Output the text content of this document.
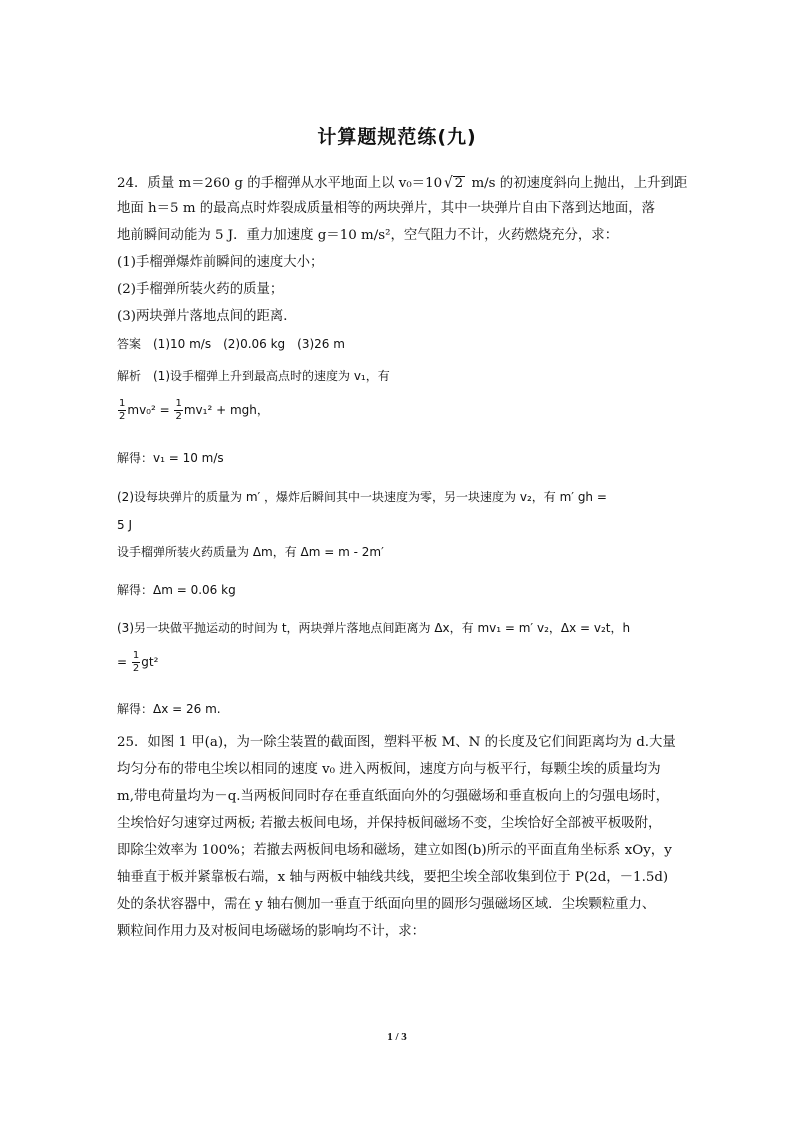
计算题规范练(九)
24．质量 m＝260 g 的手榴弹从水平地面上以 v₀＝10 √ 2 m/s 的初速度斜向上抛出，上升到距
地面 h＝5 m 的最高点时炸裂成质量相等的两块弹片，其中一块弹片自由下落到达地面，落
地前瞬间动能为 5 J．重力加速度 g＝10 m/s²，空气阻力不计，火药燃烧充分，求：
(1)手榴弹爆炸前瞬间的速度大小；
(2)手榴弹所装火药的质量；
(3)两块弹片落地点间的距离．
答案　(1)10 m/s　(2)0.06 kg　(3)26 m
解析　(1)设手榴弹上升到最高点时的速度为 v₁，有
$\frac{1}{2} mv_0^2 = \frac{1}{2} mv_1^2$ + mgh，
解得：v₁ = 10 m/s
(2)设每块弹片的质量为 m′ ，爆炸后瞬间其中一块速度为零，另一块速度为 v₂，有 m′ gh =
5 J
设手榴弹所装火药质量为 Δm，有 Δm = m - 2m′
解得：Δm = 0.06 kg
(3)另一块做平抛运动的时间为 t，两块弹片落地点间距离为 Δx，有 mv₁ = m′ v₂，Δx = v₂t，h
= $\frac{1}{2} gt^2$
解得：Δx = 26 m.
25．如图 1 甲(a)，为一除尘装置的截面图，塑料平板 M、N 的长度及它们间距离均为 d.大量
均匀分布的带电尘埃以相同的速度 v₀ 进入两板间，速度方向与板平行，每颗尘埃的质量均为
m,带电荷量均为－q.当两板间同时存在垂直纸面向外的匀强磁场和垂直板向上的匀强电场时，
尘埃恰好匀速穿过两板; 若撤去板间电场，并保持板间磁场不变，尘埃恰好全部被平板吸附，
即除尘效率为 100%；若撤去两板间电场和磁场，建立如图(b)所示的平面直角坐标系 xOy，y
轴垂直于板并紧靠板右端，x 轴与两板中轴线共线，要把尘埃全部收集到位于 P(2d，－1.5d)
处的条状容器中，需在 y 轴右侧加一垂直于纸面向里的圆形匀强磁场区域．尘埃颗粒重力、
颗粒间作用力及对板间电场磁场的影响均不计，求：
1 / 3
